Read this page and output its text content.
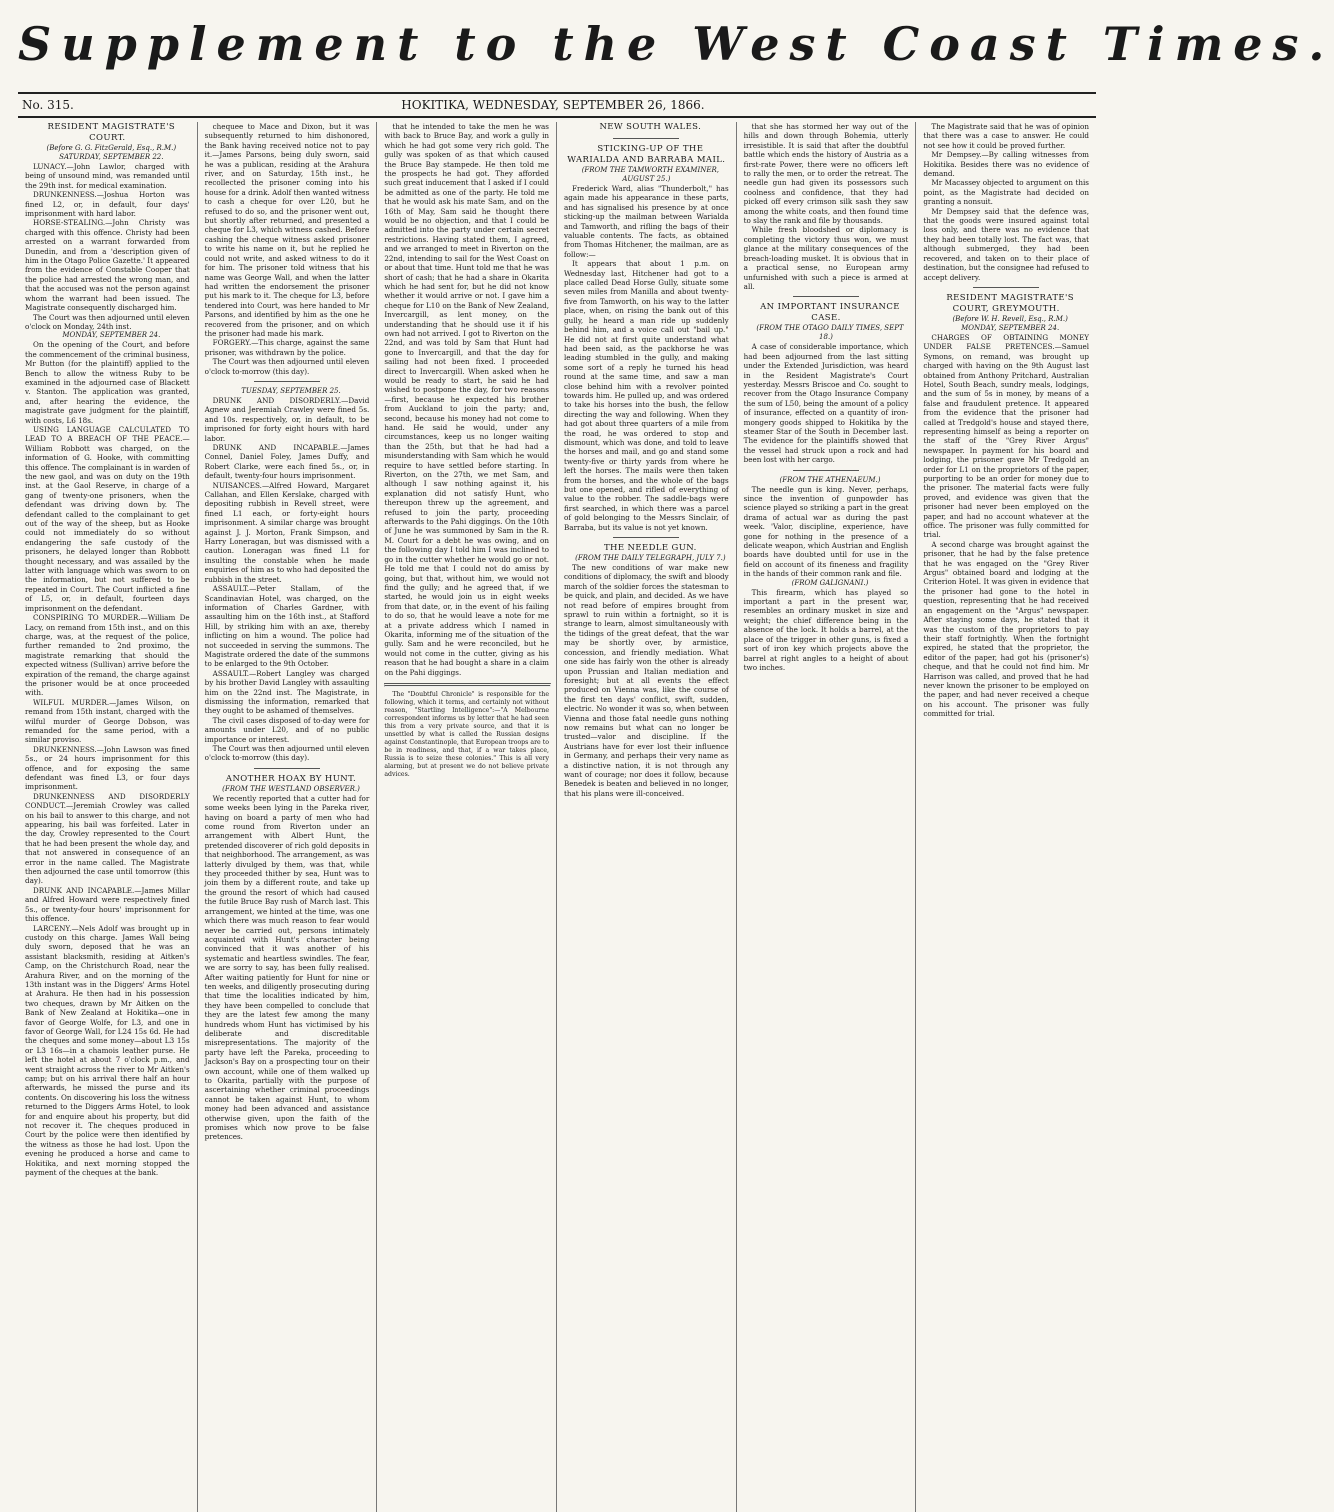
Supplement to the West Coast Times.
No. 315.	HOKITIKA, WEDNESDAY, SEPTEMBER 26, 1866.

RESIDENT MAGISTRATE'S COURT.

(Before G. G. FitzGerald, Esq., R.M.)

SATURDAY, SEPTEMBER 22.

LUNACY.—John Lawlor, charged with being of unsound mind, was remanded until the 29th inst. for medical examination.

DRUNKENNESS.—Joshua Horton was fined L2, or, in default, four days' imprisonment with hard labor.

HORSE-STEALING.—John Christy was charged with this offence. Christy had been arrested on a warrant forwarded from Dunedin, and from a 'description given of him in the Otago Police Gazette.' It appeared from the evidence of Constable Cooper that the police had arrested the wrong man, and that the accused was not the person against whom the warrant had been issued. The Magistrate consequently discharged him.

The Court was then adjourned until eleven o'clock on Monday, 24th inst.

MONDAY, SEPTEMBER 24.

On the opening of the Court, and before the commencement of the criminal business, Mr Button (for the plaintiff) applied to the Bench to allow the witness Ruby to be examined in the adjourned case of Blackett v. Stanton. The application was granted, and, after hearing the evidence, the magistrate gave judgment for the plaintiff, with costs, L6 18s.

USING LANGUAGE CALCULATED TO LEAD TO A BREACH OF THE PEACE.—William Robbott was charged, on the information of G. Hooke, with committing this offence. The complainant is in warden of the new gaol, and was on duty on the 19th inst. at the Gaol Reserve, in charge of a gang of twenty-one prisoners, when the defendant was driving down by. The defendant called to the complainant to get out of the way of the sheep, but as Hooke could not immediately do so without endangering the safe custody of the prisoners, he delayed longer than Robbott thought necessary, and was assailed by the latter with language which was sworn to on the information, but not suffered to be repeated in Court. The Court inflicted a fine of L5, or, in default, fourteen days imprisonment on the defendant.

CONSPIRING TO MURDER.—William De Lacy, on remand from 15th inst., and on this charge, was, at the request of the police, further remanded to 2nd proximo, the magistrate remarking that should the expected witness (Sullivan) arrive before the expiration of the remand, the charge against the prisoner would be at once proceeded with.

WILFUL MURDER.—James Wilson, on remand from 15th instant, charged with the wilful murder of George Dobson, was remanded for the same period, with a similar proviso.

DRUNKENNESS.—John Lawson was fined 5s., or 24 hours imprisonment for this offence, and for exposing the same defendant was fined L3, or four days imprisonment.

DRUNKENNESS AND DISORDERLY CONDUCT.—Jeremiah Crowley was called on his bail to answer to this charge, and not appearing, his bail was forfeited. Later in the day, Crowley represented to the Court that he had been present the whole day, and that not answered in consequence of an error in the name called. The Magistrate then adjourned the case until tomorrow (this day).

DRUNK AND INCAPABLE.—James Millar and Alfred Howard were respectively fined 5s., or twenty-four hours' imprisonment for this offence.

LARCENY.—Nels Adolf was brought up in custody on this charge. James Wall being duly sworn, deposed that he was an assistant blacksmith, residing at Aitken's Camp, on the Christchurch Road, near the Arahura River, and on the morning of the 13th instant was in the Diggers' Arms Hotel at Arahura. He then had in his possession two cheques, drawn by Mr Aitken on the Bank of New Zealand at Hokitika—one in favor of George Wolfe, for L3, and one in favor of George Wall, for L24 15s 6d. He had the cheques and some money—about L3 15s or L3 16s—in a chamois leather purse. He left the hotel at about 7 o'clock p.m., and went straight across the river to Mr Aitken's camp; but on his arrival there half an hour afterwards, he missed the purse and its contents. On discovering his loss the witness returned to the Diggers Arms Hotel, to look for and enquire about his property, but did not recover it. The cheques produced in Court by the police were then identified by the witness as those he had lost. Upon the evening he produced a horse and came to Hokitika, and next morning stopped the payment of the cheques at the bank.

chequee to Mace and Dixon, but it was subsequently returned to him dishonored, the Bank having received notice not to pay it.—James Parsons, being duly sworn, said he was a publican, residing at the Arahura river, and on Saturday, 15th inst., he recollected the prisoner coming into his house for a drink. Adolf then wanted witness to cash a cheque for over L20, but he refused to do so, and the prisoner went out, but shortly after returned, and presented a cheque for L3, which witness cashed. Before cashing the cheque witness asked prisoner to write his name on it, but he replied he could not write, and asked witness to do it for him. The prisoner told witness that his name was George Wall, and when the latter had written the endorsement the prisoner put his mark to it. The cheque for L3, before tendered into Court, was here handed to Mr Parsons, and identified by him as the one he recovered from the prisoner, and on which the prisoner had made his mark.

FORGERY.—This charge, against the same prisoner, was withdrawn by the police.

The Court was then adjourned until eleven o'clock to-morrow (this day).

TUESDAY, SEPTEMBER 25.

DRUNK AND DISORDERLY.—David Agnew and Jeremiah Crawley were fined 5s. and 10s. respectively, or, in default, to be imprisoned for forty eight hours with hard labor.

DRUNK AND INCAPABLE.—James Connel, Daniel Foley, James Duffy, and Robert Clarke, were each fined 5s., or, in default, twenty-four hours imprisonment.

NUISANCES.—Alfred Howard, Margaret Callahan, and Ellen Kerslake, charged with depositing rubbish in Revell street, were fined L1 each, or forty-eight hours imprisonment. A similar charge was brought against J. J. Morton, Frank Simpson, and Harry Loneragan, but was dismissed with a caution. Loneragan was fined L1 for insulting the constable when he made enquiries of him as to who had deposited the rubbish in the street.

ASSAULT.—Peter Stallam, of the Scandinavian Hotel, was charged, on the information of Charles Gardner, with assaulting him on the 16th inst., at Stafford Hill, by striking him with an axe, thereby inflicting on him a wound. The police had not succeeded in serving the summons. The Magistrate ordered the date of the summons to be enlarged to the 9th October.

ASSAULT.—Robert Langley was charged by his brother David Langley with assaulting him on the 22nd inst. The Magistrate, in dismissing the information, remarked that they ought to be ashamed of themselves.

The civil cases disposed of to-day were for amounts under L20, and of no public importance or interest.

The Court was then adjourned until eleven o'clock to-morrow (this day).

ANOTHER HOAX BY HUNT.

(FROM THE WESTLAND OBSERVER.)

We recently reported that a cutter had for some weeks been lying in the Pareka river, having on board a party of men who had come round from Riverton under an arrangement with Albert Hunt, the pretended discoverer of rich gold deposits in that neighborhood. The arrangement, as was latterly divulged by them, was that, while they proceeded thither by sea, Hunt was to join them by a different route, and take up the ground the resort of which had caused the futile Bruce Bay rush of March last. This arrangement, we hinted at the time, was one which there was much reason to fear would never be carried out, persons intimately acquainted with Hunt's character being convinced that it was another of his systematic and heartless swindles. The fear, we are sorry to say, has been fully realised. After waiting patiently for Hunt for nine or ten weeks, and diligently prosecuting during that time the localities indicated by him, they have been compelled to conclude that they are the latest few among the many hundreds whom Hunt has victimised by his deliberate and discreditable misrepresentations. The majority of the party have left the Pareka, proceeding to Jackson's Bay on a prospecting tour on their own account, while one of them walked up to Okarita, partially with the purpose of ascertaining whether criminal proceedings cannot be taken against Hunt, to whom money had been advanced and assistance otherwise given, upon the faith of the promises which now prove to be false pretences.

that he intended to take the men he was with back to Bruce Bay, and work a gully in which he had got some very rich gold. The gully was spoken of as that which caused the Bruce Bay stampede. He then told me the prospects he had got. They afforded such great inducement that I asked if I could be admitted as one of the party. He told me that he would ask his mate Sam, and on the 16th of May, Sam said he thought there would be no objection, and that I could be admitted into the party under certain secret restrictions. Having stated them, I agreed, and we arranged to meet in Riverton on the 22nd, intending to sail for the West Coast on or about that time. Hunt told me that he was short of cash; that he had a share in Okarita which he had sent for, but he did not know whether it would arrive or not. I gave him a cheque for L10 on the Bank of New Zealand, Invercargill, as lent money, on the understanding that he should use it if his own had not arrived. I got to Riverton on the 22nd, and was told by Sam that Hunt had gone to Invercargill, and that the day for sailing had not been fixed. I proceeded direct to Invercargill. When asked when he would be ready to start, he said he had wished to postpone the day, for two reasons—first, because he expected his brother from Auckland to join the party; and, second, because his money had not come to hand. He said he would, under any circumstances, keep us no longer waiting than the 25th, but that he had had a misunderstanding with Sam which he would require to have settled before starting. In Riverton, on the 27th, we met Sam, and although I saw nothing against it, his explanation did not satisfy Hunt, who thereupon threw up the agreement, and refused to join the party, proceeding afterwards to the Pahi diggings. On the 10th of June he was summoned by Sam in the R. M. Court for a debt he was owing, and on the following day I told him I was inclined to go in the cutter whether he would go or not. He told me that I could not do amiss by going, but that, without him, we would not find the gully; and he agreed that, if we started, he would join us in eight weeks from that date, or, in the event of his failing to do so, that he would leave a note for me at a private address which I named in Okarita, informing me of the situation of the gully. Sam and he were reconciled, but he would not come in the cutter, giving as his reason that he had bought a share in a claim on the Pahi diggings.

The "Doubtful Chronicle" is responsible for the following, which it terms, and certainly not without reason, "Startling Intelligence":—"A Melbourne correspondent informs us by letter that he had seen this from a very private source, and that it is unsettled by what is called the Russian designs against Constantinople, that European troops are to be in readiness, and that, if a war takes place, Russia is to seize these colonies." This is all very alarming, but at present we do not believe private advices.

NEW SOUTH WALES.

STICKING-UP OF THE WARIALDA AND BARRABA MAIL.

(FROM THE TAMWORTH EXAMINER, AUGUST 25.)

Frederick Ward, alias "Thunderbolt," has again made his appearance in these parts, and has signalised his presence by at once sticking-up the mailman between Warialda and Tamworth, and rifling the bags of their valuable contents. The facts, as obtained from Thomas Hitchener, the mailman, are as follow:—

It appears that about 1 p.m. on Wednesday last, Hitchener had got to a place called Dead Horse Gully, situate some seven miles from Manilla and about twenty-five from Tamworth, on his way to the latter place, when, on rising the bank out of this gully, he heard a man ride up suddenly behind him, and a voice call out "bail up." He did not at first quite understand what had been said, as the packhorse he was leading stumbled in the gully, and making some sort of a reply he turned his head round at the same time, and saw a man close behind him with a revolver pointed towards him. He pulled up, and was ordered to take his horses into the bush, the fellow directing the way and following. When they had got about three quarters of a mile from the road, he was ordered to stop and dismount, which was done, and told to leave the horses and mail, and go and stand some twenty-five or thirty yards from where he left the horses. The mails were then taken from the horses, and the whole of the bags but one opened, and rifled of everything of value to the robber. The saddle-bags were first searched, in which there was a parcel of gold belonging to the Messrs Sinclair, of Barraba, but its value is not yet known.

THE NEEDLE GUN.

(FROM THE DAILY TELEGRAPH, JULY 7.)

The new conditions of war make new conditions of diplomacy, the swift and bloody march of the soldier forces the statesman to be quick, and plain, and decided. As we have not read before of empires brought from sprawl to ruin within a fortnight, so it is strange to learn, almost simultaneously with the tidings of the great defeat, that the war may be shortly over, by armistice, concession, and friendly mediation. What one side has fairly won the other is already upon Prussian and Italian mediation and foresight; but at all events the effect produced on Vienna was, like the course of the first ten days' conflict, swift, sudden, electric. No wonder it was so, when between Vienna and those fatal needle guns nothing now remains but what can no longer be trusted—valor and discipline. If the Austrians have for ever lost their influence in Germany, and perhaps their very name as a distinctive nation, it is not through any want of courage; nor does it follow, because Benedek is beaten and believed in no longer, that his plans were ill-conceived.

that she has stormed her way out of the hills and down through Bohemia, utterly irresistible. It is said that after the doubtful battle which ends the history of Austria as a first-rate Power, there were no officers left to rally the men, or to order the retreat. The needle gun had given its possessors such coolness and confidence, that they had picked off every crimson silk sash they saw among the white coats, and then found time to slay the rank and file by thousands.

While fresh bloodshed or diplomacy is completing the victory thus won, we must glance at the military consequences of the breach-loading musket. It is obvious that in a practical sense, no European army unfurnished with such a piece is armed at all.

AN IMPORTANT INSURANCE CASE.

(FROM THE OTAGO DAILY TIMES, SEPT 18.)

A case of considerable importance, which had been adjourned from the last sitting under the Extended Jurisdiction, was heard in the Resident Magistrate's Court yesterday. Messrs Briscoe and Co. sought to recover from the Otago Insurance Company the sum of L50, being the amount of a policy of insurance, effected on a quantity of iron-mongery goods shipped to Hokitika by the steamer Star of the South in December last. The evidence for the plaintiffs showed that the vessel had struck upon a rock and had been lost with her cargo.

(FROM THE ATHENAEUM.)

The needle gun is king. Never, perhaps, since the invention of gunpowder has science played so striking a part in the great drama of actual war as during the past week. 'Valor, discipline, experience, have gone for nothing in the presence of a delicate weapon, which Austrian and English boards have doubted until for use in the field on account of its fineness and fragility in the hands of their common rank and file.

(FROM GALIGNANI.)

This firearm, which has played so important a part in the present war, resembles an ordinary musket in size and weight; the chief difference being in the absence of the lock. It holds a barrel, at the place of the trigger in other guns, is fixed a sort of iron key which projects above the barrel at right angles to a height of about two inches.

The Magistrate said that he was of opinion that there was a case to answer. He could not see how it could be proved further.

Mr Dempsey.—By calling witnesses from Hokitika. Besides there was no evidence of demand.

Mr Macassey objected to argument on this point, as the Magistrate had decided on granting a nonsuit.

Mr Dempsey said that the defence was, that the goods were insured against total loss only, and there was no evidence that they had been totally lost. The fact was, that although submerged, they had been recovered, and taken on to their place of destination, but the consignee had refused to accept delivery.

RESIDENT MAGISTRATE'S COURT, GREYMOUTH.

(Before W. H. Revell, Esq., R.M.)

MONDAY, SEPTEMBER 24.

CHARGES OF OBTAINING MONEY UNDER FALSE PRETENCES.—Samuel Symons, on remand, was brought up charged with having on the 9th August last obtained from Anthony Pritchard, Australian Hotel, South Beach, sundry meals, lodgings, and the sum of 5s in money, by means of a false and fraudulent pretence. It appeared from the evidence that the prisoner had called at Tredgold's house and stayed there, representing himself as being a reporter on the staff of the "Grey River Argus" newspaper. In payment for his board and lodging, the prisoner gave Mr Tredgold an order for L1 on the proprietors of the paper, purporting to be an order for money due to the prisoner. The material facts were fully proved, and evidence was given that the prisoner had never been employed on the paper, and had no account whatever at the office. The prisoner was fully committed for trial.

A second charge was brought against the prisoner, that he had by the false pretence that he was engaged on the "Grey River Argus" obtained board and lodging at the Criterion Hotel. It was given in evidence that the prisoner had gone to the hotel in question, representing that he had received an engagement on the "Argus" newspaper. After staying some days, he stated that it was the custom of the proprietors to pay their staff fortnightly. When the fortnight expired, he stated that the proprietor, the editor of the paper, had got his (prisoner's) cheque, and that he could not find him. Mr Harrison was called, and proved that he had never known the prisoner to be employed on the paper, and had never received a cheque on his account. The prisoner was fully committed for trial.
